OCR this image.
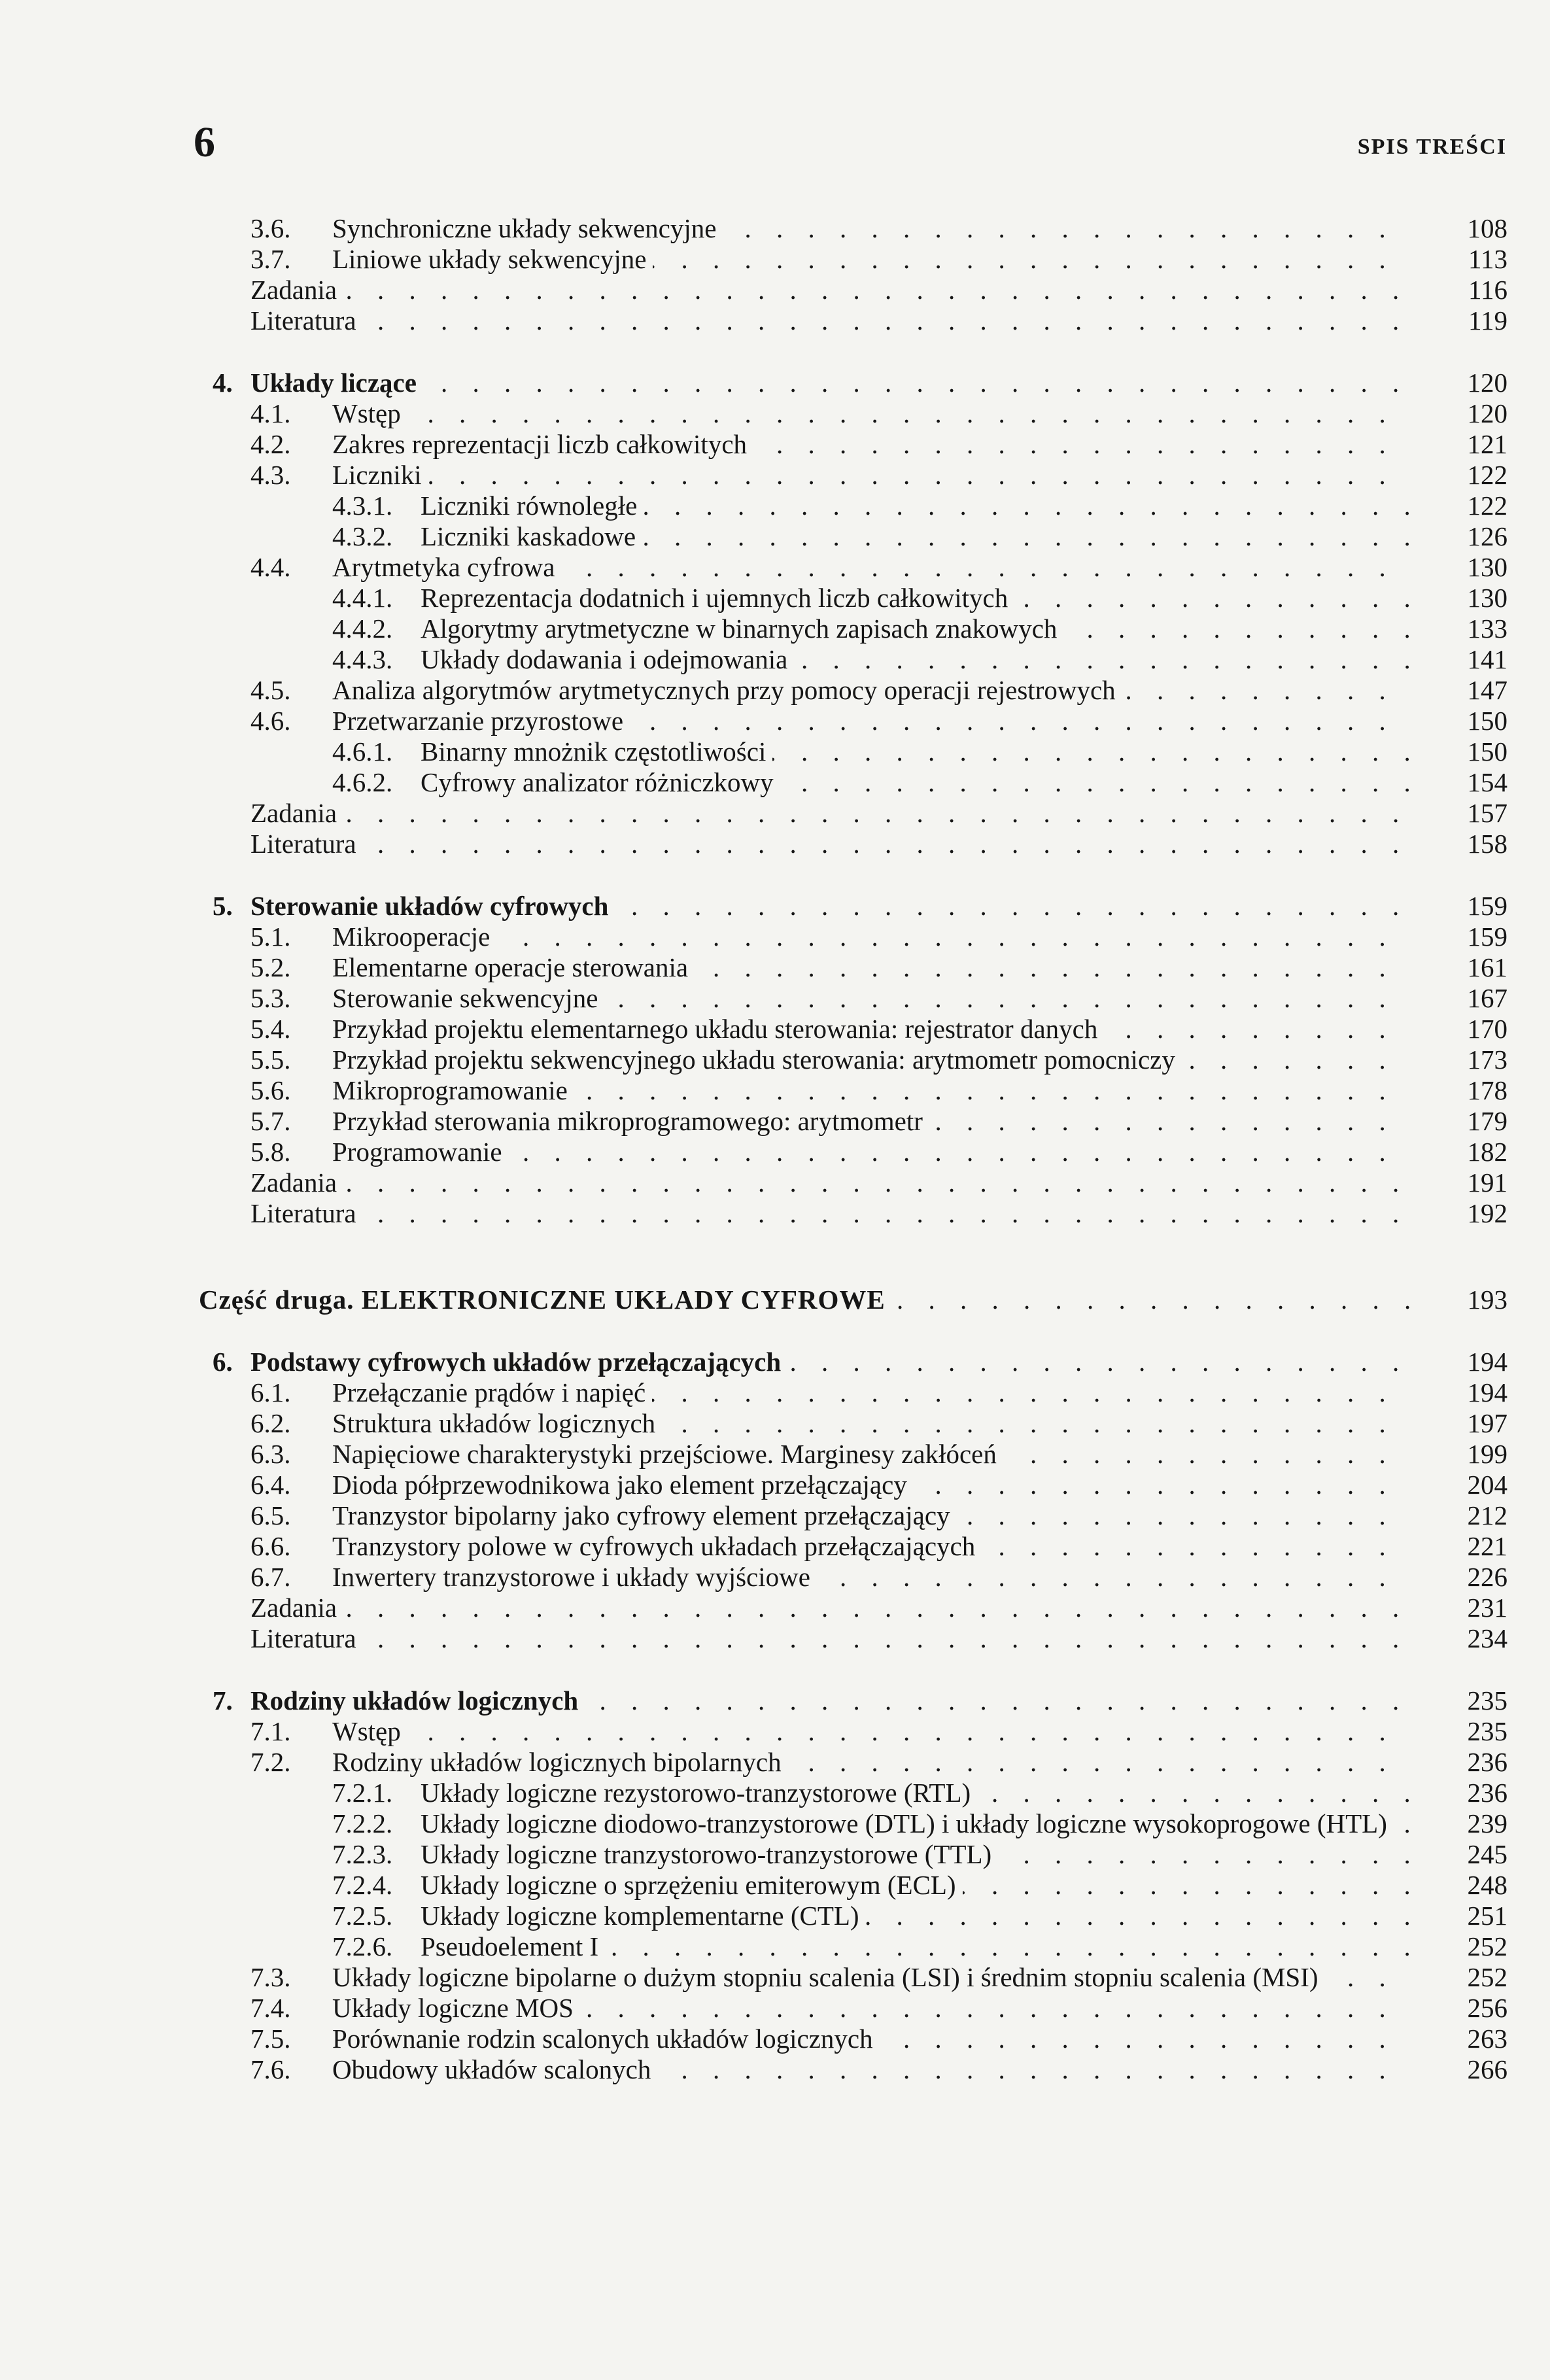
6	SPIS TREŚCI
3.6.	Synchroniczne układy sekwencyjne . . .	108
3.7.	Liniowe układy sekwencyjne . . .	113
Zadania . . .	116
Literatura . . .	119
4. Układy liczące . . .	120
4.1.	Wstęp . . .	120
4.2.	Zakres reprezentacji liczb całkowitych . . .	121
4.3.	Liczniki . . .	122
4.3.1.	Liczniki równoległe . . .	122
4.3.2.	Liczniki kaskadowe . . .	126
4.4.	Arytmetyka cyfrowa . . .	130
4.4.1.	Reprezentacja dodatnich i ujemnych liczb całkowitych . . .	130
4.4.2.	Algorytmy arytmetyczne w binarnych zapisach znakowych . . .	133
4.4.3.	Układy dodawania i odejmowania . . .	141
4.5.	Analiza algorytmów arytmetycznych przy pomocy operacji rejestrowych . . .	147
4.6.	Przetwarzanie przyrostowe . . .	150
4.6.1.	Binarny mnożnik częstotliwości . . .	150
4.6.2.	Cyfrowy analizator różniczkowy . . .	154
Zadania . . .	157
Literatura . . .	158
5. Sterowanie układów cyfrowych . . .	159
5.1.	Mikrooperacje . . .	159
5.2.	Elementarne operacje sterowania . . .	161
5.3.	Sterowanie sekwencyjne . . .	167
5.4.	Przykład projektu elementarnego układu sterowania: rejestrator danych . . .	170
5.5.	Przykład projektu sekwencyjnego układu sterowania: arytmometr pomocniczy . . .	173
5.6.	Mikroprogramowanie . . .	178
5.7.	Przykład sterowania mikroprogramowego: arytmometr . . .	179
5.8.	Programowanie . . .	182
Zadania . . .	191
Literatura . . .	192
Część druga. ELEKTRONICZNE UKŁADY CYFROWE . . .	193
6. Podstawy cyfrowych układów przełączających . . .	194
6.1.	Przełączanie prądów i napięć . . .	194
6.2.	Struktura układów logicznych . . .	197
6.3.	Napięciowe charakterystyki przejściowe. Marginesy zakłóceń . . .	199
6.4.	Dioda półprzewodnikowa jako element przełączający . . .	204
6.5.	Tranzystor bipolarny jako cyfrowy element przełączający . . .	212
6.6.	Tranzystory polowe w cyfrowych układach przełączających . . .	221
6.7.	Inwertery tranzystorowe i układy wyjściowe . . .	226
Zadania . . .	231
Literatura . . .	234
7. Rodziny układów logicznych . . .	235
7.1.	Wstęp . . .	235
7.2.	Rodziny układów logicznych bipolarnych . . .	236
7.2.1.	Układy logiczne rezystorowo-tranzystorowe (RTL) . . .	236
7.2.2.	Układy logiczne diodowo-tranzystorowe (DTL) i układy logiczne wysokoprogowe (HTL) . . .	239
7.2.3.	Układy logiczne tranzystorowo-tranzystorowe (TTL) . . .	245
7.2.4.	Układy logiczne o sprzężeniu emiterowym (ECL) . . .	248
7.2.5.	Układy logiczne komplementarne (CTL) . . .	251
7.2.6.	Pseudoelement I . . .	252
7.3.	Układy logiczne bipolarne o dużym stopniu scalenia (LSI) i średnim stopniu scalenia (MSI) . . .	252
7.4.	Układy logiczne MOS . . .	256
7.5.	Porównanie rodzin scalonych układów logicznych . . .	263
7.6.	Obudowy układów scalonych . . .	266
